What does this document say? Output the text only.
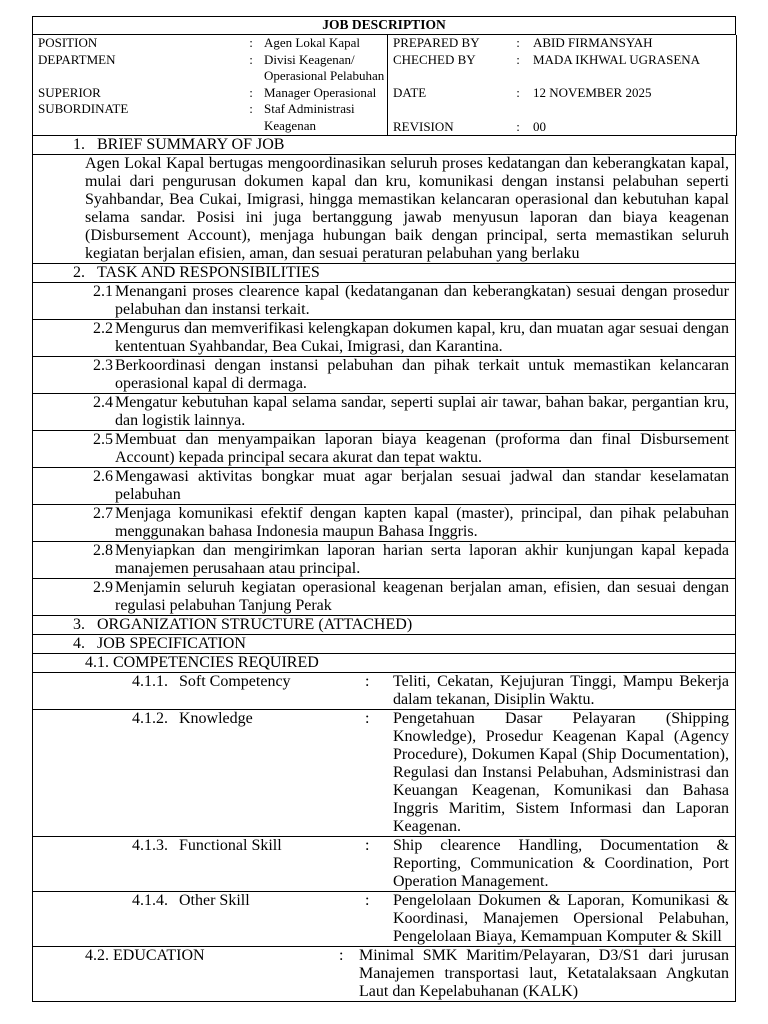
JOB DESCRIPTION
POSITION	:	Agen Lokal Kapal
DEPARTMEN	:	Divisi Keagenan/ Operasional Pelabuhan
SUPERIOR	:	Manager Operasional
SUBORDINATE	:	Staf Administrasi Keagenan

PREPARED BY	:	ABID FIRMANSYAH
CHECHED BY	:	MADA IKHWAL UGRASENA
DATE	:	12 NOVEMBER 2025
REVISION	:	00
1. BRIEF SUMMARY OF JOB
Agen Lokal Kapal bertugas mengoordinasikan seluruh proses kedatangan dan keberangkatan kapal, mulai dari pengurusan dokumen kapal dan kru, komunikasi dengan instansi pelabuhan seperti Syahbandar, Bea Cukai, Imigrasi, hingga memastikan kelancaran operasional dan kebutuhan kapal selama sandar. Posisi ini juga bertanggung jawab menyusun laporan dan biaya keagenan (Disbursement Account), menjaga hubungan baik dengan principal, serta memastikan seluruh kegiatan berjalan efisien, aman, dan sesuai peraturan pelabuhan yang berlaku
2. TASK AND RESPONSIBILITIES
2.1 Menangani proses clearence kapal (kedatanganan dan keberangkatan) sesuai dengan prosedur pelabuhan dan instansi terkait.
2.2 Mengurus dan memverifikasi kelengkapan dokumen kapal, kru, dan muatan agar sesuai dengan kententuan Syahbandar, Bea Cukai, Imigrasi, dan Karantina.
2.3 Berkoordinasi dengan instansi pelabuhan dan pihak terkait untuk memastikan kelancaran operasional kapal di dermaga.
2.4 Mengatur kebutuhan kapal selama sandar, seperti suplai air tawar, bahan bakar, pergantian kru, dan logistik lainnya.
2.5 Membuat dan menyampaikan laporan biaya keagenan (proforma dan final Disbursement Account) kepada principal secara akurat dan tepat waktu.
2.6 Mengawasi aktivitas bongkar muat agar berjalan sesuai jadwal dan standar keselamatan pelabuhan
2.7 Menjaga komunikasi efektif dengan kapten kapal (master), principal, dan pihak pelabuhan menggunakan bahasa Indonesia maupun Bahasa Inggris.
2.8 Menyiapkan dan mengirimkan laporan harian serta laporan akhir kunjungan kapal kepada manajemen perusahaan atau principal.
2.9 Menjamin seluruh kegiatan operasional keagenan berjalan aman, efisien, dan sesuai dengan regulasi pelabuhan Tanjung Perak
3. ORGANIZATION STRUCTURE (ATTACHED)
4. JOB SPECIFICATION
4.1. COMPETENCIES REQUIRED
4.1.1. Soft Competency	:	Teliti, Cekatan, Kejujuran Tinggi, Mampu Bekerja dalam tekanan, Disiplin Waktu.
4.1.2. Knowledge	:	Pengetahuan Dasar Pelayaran (Shipping Knowledge), Prosedur Keagenan Kapal (Agency Procedure), Dokumen Kapal (Ship Documentation), Regulasi dan Instansi Pelabuhan, Adsministrasi dan Keuangan Keagenan, Komunikasi dan Bahasa Inggris Maritim, Sistem Informasi dan Laporan Keagenan.
4.1.3. Functional Skill	:	Ship clearence Handling, Documentation & Reporting, Communication & Coordination, Port Operation Management.
4.1.4. Other Skill	:	Pengelolaan Dokumen & Laporan, Komunikasi & Koordinasi, Manajemen Opersional Pelabuhan, Pengelolaan Biaya, Kemampuan Komputer & Skill
4.2. EDUCATION	: Minimal SMK Maritim/Pelayaran, D3/S1 dari jurusan Manajemen transportasi laut, Ketatalaksaan Angkutan Laut dan Kepelabuhanan (KALK)
